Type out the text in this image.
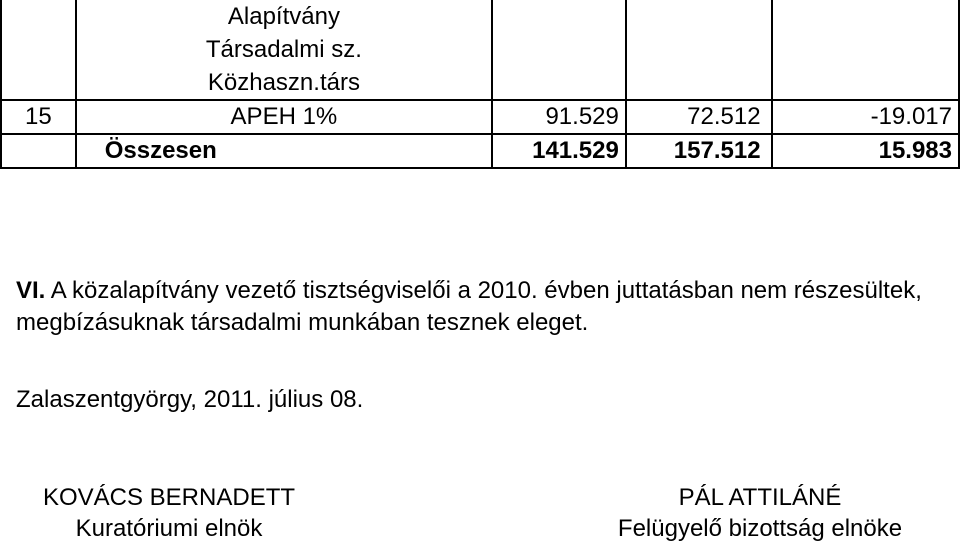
	Alapítvány			
	Társadalmi sz.			
	Közhaszn.társ			
15	APEH 1%	91.529	72.512	-19.017
	Összesen	141.529	157.512	15.983

VI. A közalapítvány vezető tisztségviselői a 2010. évben juttatásban nem részesültek, megbízásuknak társadalmi munkában tesznek eleget.

Zalaszentgyörgy, 2011. július 08.
KOVÁCS BERNADETT
Kuratóriumi elnök
PÁL ATTILÁNÉ
Felügyelő bizottság elnöke
